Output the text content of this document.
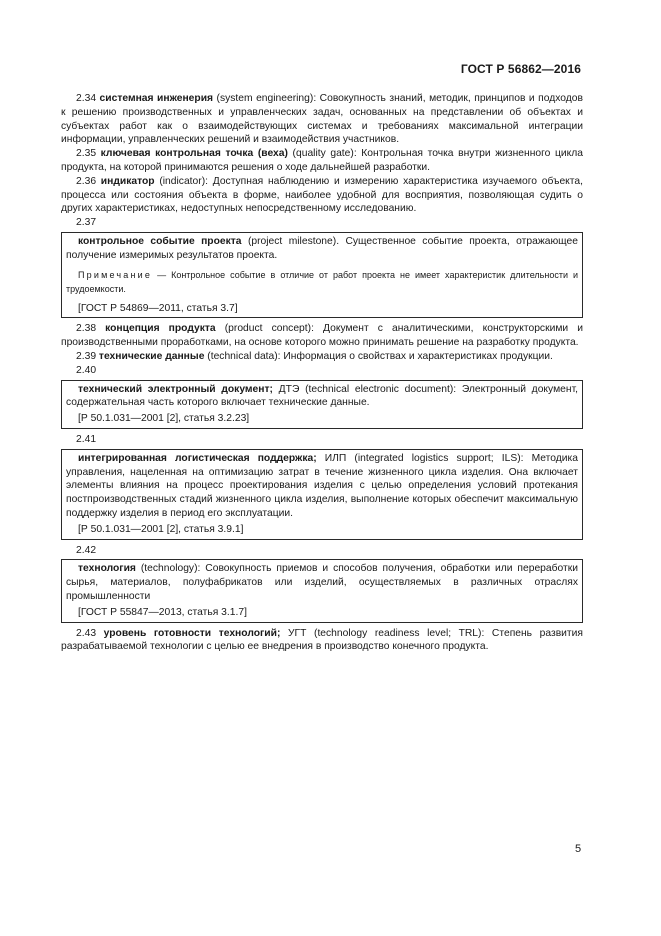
ГОСТ Р 56862—2016

2.34 системная инженерия (system engineering): Совокупность знаний, методик, принципов и подходов к решению производственных и управленческих задач, основанных на представлении об объектах и субъектах работ как о взаимодействующих системах и требованиях максимальной интеграции информации, управленческих решений и взаимодействия участников.

2.35 ключевая контрольная точка (веха) (quality gate): Контрольная точка внутри жизненного цикла продукта, на которой принимаются решения о ходе дальнейшей разработки.

2.36 индикатор (indicator): Доступная наблюдению и измерению характеристика изучаемого объекта, процесса или состояния объекта в форме, наиболее удобной для восприятия, позволяющая судить о других характеристиках, недоступных непосредственному исследованию.

2.37

контрольное событие проекта (project milestone). Существенное событие проекта, отражающее получение измеримых результатов проекта.

Примечание — Контрольное событие в отличие от работ проекта не имеет характеристик длительности и трудоемкости.

[ГОСТ Р 54869—2011, статья 3.7]

2.38 концепция продукта (product concept): Документ с аналитическими, конструкторскими и производственными проработками, на основе которого можно принимать решение на разработку продукта.

2.39 технические данные (technical data): Информация о свойствах и характеристиках продукции.

2.40

технический электронный документ; ДТЭ (technical electronic document): Электронный документ, содержательная часть которого включает технические данные.

[Р 50.1.031—2001 [2], статья 3.2.23]

2.41

интегрированная логистическая поддержка; ИЛП (integrated logistics support; ILS): Методика управления, нацеленная на оптимизацию затрат в течение жизненного цикла изделия. Она включает элементы влияния на процесс проектирования изделия с целью определения условий протекания постпроизводственных стадий жизненного цикла изделия, выполнение которых обеспечит максимальную поддержку изделия в период его эксплуатации.

[Р 50.1.031—2001 [2], статья 3.9.1]

2.42

технология (technology): Совокупность приемов и способов получения, обработки или переработки сырья, материалов, полуфабрикатов или изделий, осуществляемых в различных отраслях промышленности

[ГОСТ Р 55847—2013, статья 3.1.7]

2.43 уровень готовности технологий; УГТ (technology readiness level; TRL): Степень развития разрабатываемой технологии с целью ее внедрения в производство конечного продукта.

5
